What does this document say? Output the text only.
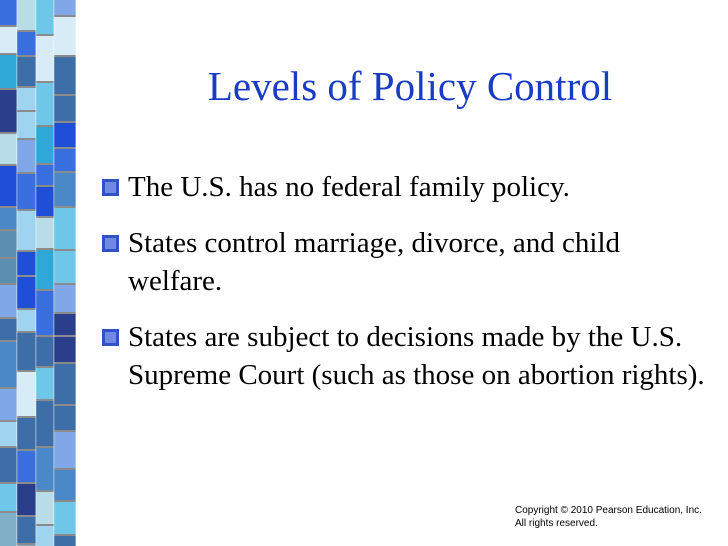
Levels of Policy Control
The U.S. has no federal family policy.
States control marriage, divorce, and child welfare.
States are subject to decisions made by the U.S. Supreme Court (such as those on abortion rights).
Copyright © 2010 Pearson Education, Inc.
All rights reserved.
